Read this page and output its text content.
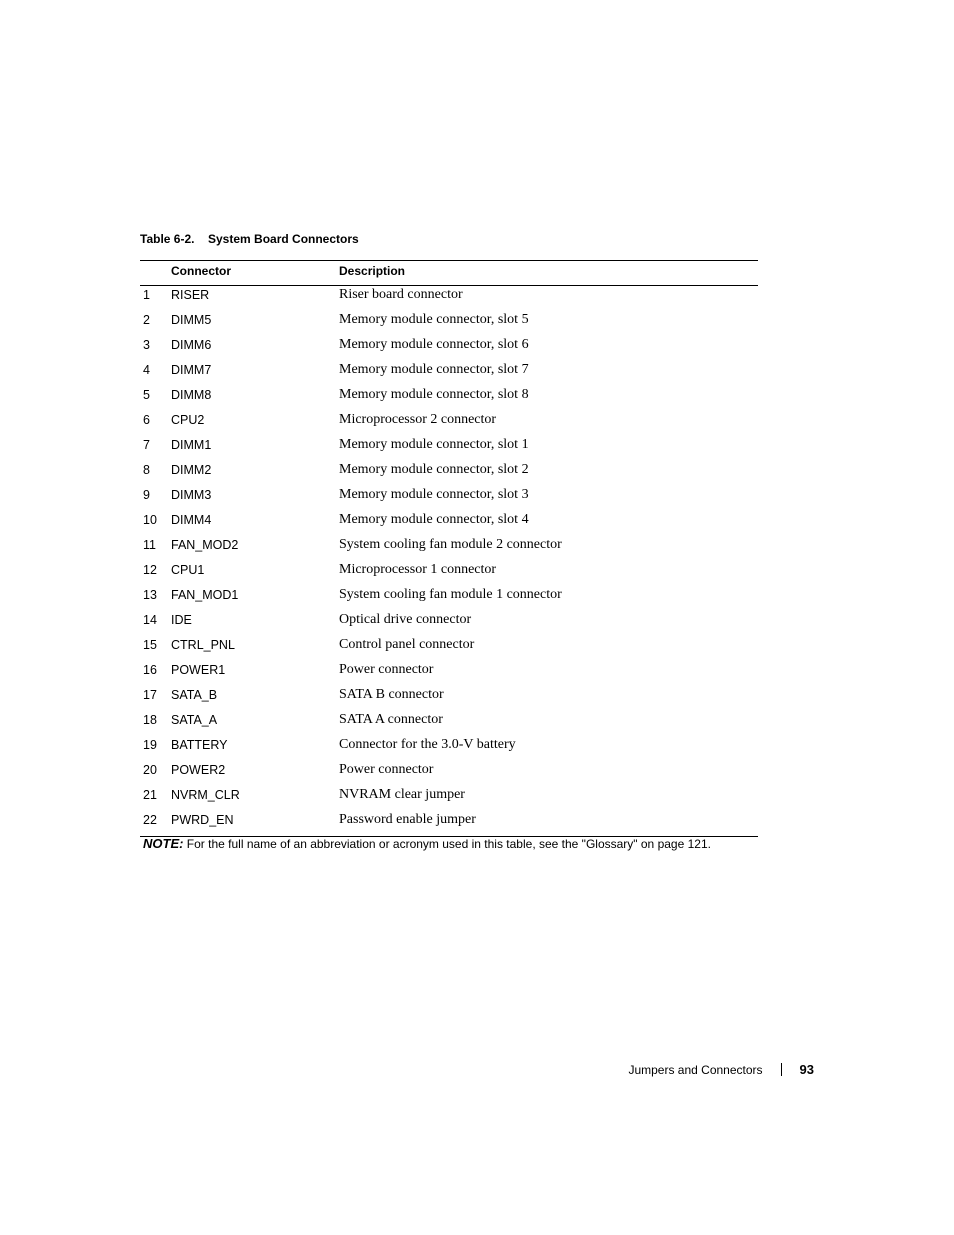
Table 6-2. System Board Connectors
Connector	Description
1 RISER	Riser board connector
2 DIMM5	Memory module connector, slot 5
3 DIMM6	Memory module connector, slot 6
4 DIMM7	Memory module connector, slot 7
5 DIMM8	Memory module connector, slot 8
6 CPU2	Microprocessor 2 connector
7 DIMM1	Memory module connector, slot 1
8 DIMM2	Memory module connector, slot 2
9 DIMM3	Memory module connector, slot 3
10 DIMM4	Memory module connector, slot 4
11 FAN_MOD2	System cooling fan module 2 connector
12 CPU1	Microprocessor 1 connector
13 FAN_MOD1	System cooling fan module 1 connector
14 IDE	Optical drive connector
15 CTRL_PNL	Control panel connector
16 POWER1	Power connector
17 SATA_B	SATA B connector
18 SATA_A	SATA A connector
19 BATTERY	Connector for the 3.0-V battery
20 POWER2	Power connector
21 NVRM_CLR	NVRAM clear jumper
22 PWRD_EN	Password enable jumper
NOTE: For the full name of an abbreviation or acronym used in this table, see the "Glossary" on page 121.
Jumpers and Connectors	93
